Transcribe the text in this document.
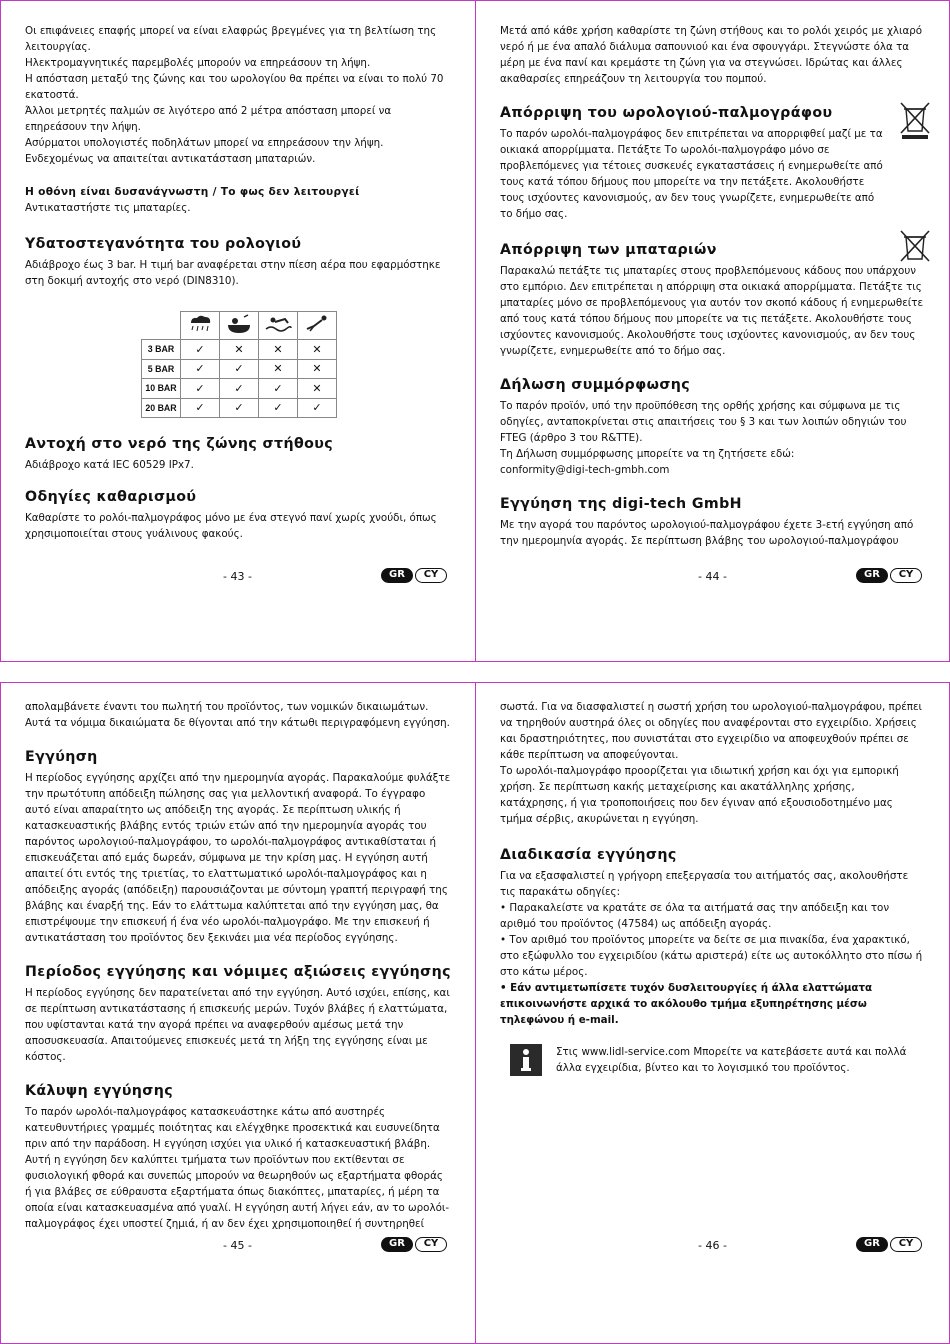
Οι επιφάνειες επαφής μπορεί να είναι ελαφρώς βρεγμένες για τη βελτίωση της λειτουργίας.

Ηλεκτρομαγνητικές παρεμβολές μπορούν να επηρεάσουν τη λήψη.

Η απόσταση μεταξύ της ζώνης και του ωρολογίου θα πρέπει να είναι το πολύ 70 εκατοστά.

Άλλοι μετρητές παλμών σε λιγότερο από 2 μέτρα απόσταση μπορεί να επηρεάσουν την λήψη.

Ασύρματοι υπολογιστές ποδηλάτων μπορεί να επηρεάσουν την λήψη.

Ενδεχομένως να απαιτείται αντικατάσταση μπαταριών.

Η οθόνη είναι δυσανάγνωστη / Το φως δεν λειτουργεί

Αντικαταστήστε τις μπαταρίες.

Υδατοστεγανότητα του ρολογιού

Αδιάβροχο έως 3 bar. Η τιμή bar αναφέρεται στην πίεση αέρα που εφαρμόστηκε στη δοκιμή αντοχής στο νερό (DIN8310).

3 BAR	✓	✕	✕	✕
5 BAR	✓	✓	✕	✕
10 BAR	✓	✓	✓	✕
20 BAR	✓	✓	✓	✓

Αντοχή στο νερό της ζώνης στήθους

Αδιάβροχο κατά IEC 60529 IPx7.

Οδηγίες καθαρισμού

Καθαρίστε το ρολόι-παλμογράφος μόνο με ένα στεγνό πανί χωρίς χνούδι, όπως χρησιμοποιείται στους γυάλινους φακούς.

- 43 -	GR	CY

Μετά από κάθε χρήση καθαρίστε τη ζώνη στήθους και το ρολόι χειρός με χλιαρό νερό ή με ένα απαλό διάλυμα σαπουνιού και ένα σφουγγάρι. Στεγνώστε όλα τα μέρη με ένα πανί και κρεμάστε τη ζώνη για να στεγνώσει. Ιδρώτας και άλλες ακαθαρσίες επηρεάζουν τη λειτουργία του πομπού.

Απόρριψη του ωρολογιού-παλμογράφου

Το παρόν ωρολόι-παλμογράφος δεν επιτρέπεται να απορριφθεί μαζί με τα οικιακά απορρίμματα. Πετάξτε Το ωρολόι-παλμογράφο μόνο σε προβλεπόμενες για τέτοιες συσκευές εγκαταστάσεις ή ενημερωθείτε από τους κατά τόπου δήμους που μπορείτε να την πετάξετε. Ακολουθήστε τους ισχύοντες κανονισμούς, αν δεν τους γνωρίζετε, ενημερωθείτε από το δήμο σας.

Απόρριψη των μπαταριών

Παρακαλώ πετάξτε τις μπαταρίες στους προβλεπόμενους κάδους που υπάρχουν στο εμπόριο. Δεν επιτρέπεται η απόρριψη στα οικιακά απορρίμματα. Πετάξτε τις μπαταρίες μόνο σε προβλεπόμενους για αυτόν τον σκοπό κάδους ή ενημερωθείτε από τους κατά τόπου δήμους που μπορείτε να τις πετάξετε. Ακολουθήστε τους ισχύοντες κανονισμούς. Ακολουθήστε τους ισχύοντες κανονισμούς, αν δεν τους γνωρίζετε, ενημερωθείτε από το δήμο σας.

Δήλωση συμμόρφωσης

Το παρόν προϊόν, υπό την προϋπόθεση της ορθής χρήσης και σύμφωνα με τις οδηγίες, ανταποκρίνεται στις απαιτήσεις του § 3 και των λοιπών οδηγιών του FTEG (άρθρο 3 του R&TTE).

Τη Δήλωση συμμόρφωσης μπορείτε να τη ζητήσετε εδώ:

conformity@digi-tech-gmbh.com

Εγγύηση της digi-tech GmbH

Με την αγορά του παρόντος ωρολογιού-παλμογράφου έχετε 3-ετή εγγύηση από την ημερομηνία αγοράς. Σε περίπτωση βλάβης του ωρολογιού-παλμογράφου

- 44 -	GR	CY

απολαμβάνετε έναντι του πωλητή του προϊόντος, των νομικών δικαιωμάτων. Αυτά τα νόμιμα δικαιώματα δε θίγονται από την κάτωθι περιγραφόμενη εγγύηση.

Εγγύηση

Η περίοδος εγγύησης αρχίζει από την ημερομηνία αγοράς. Παρακαλούμε φυλάξτε την πρωτότυπη απόδειξη πώλησης σας για μελλοντική αναφορά. Το έγγραφο αυτό είναι απαραίτητο ως απόδειξη της αγοράς. Σε περίπτωση υλικής ή κατασκευαστικής βλάβης εντός τριών ετών από την ημερομηνία αγοράς του παρόντος ωρολογιού-παλμογράφου, το ωρολόι-παλμογράφος αντικαθίσταται ή επισκευάζεται από εμάς δωρεάν, σύμφωνα με την κρίση μας. Η εγγύηση αυτή απαιτεί ότι εντός της τριετίας, το ελαττωματικό ωρολόι-παλμογράφος και η απόδειξης αγοράς (απόδειξη) παρουσιάζονται με σύντομη γραπτή περιγραφή της βλάβης και έναρξή της. Εάν το ελάττωμα καλύπτεται από την εγγύηση μας, θα επιστρέψουμε την επισκευή ή ένα νέο ωρολόι-παλμογράφο. Με την επισκευή ή αντικατάσταση του προϊόντος δεν ξεκινάει μια νέα περίοδος εγγύησης.

Περίοδος εγγύησης και νόμιμες αξιώσεις εγγύησης

Η περίοδος εγγύησης δεν παρατείνεται από την εγγύηση. Αυτό ισχύει, επίσης, και σε περίπτωση αντικατάστασης ή επισκευής μερών. Τυχόν βλάβες ή ελαττώματα, που υφίστανται κατά την αγορά πρέπει να αναφερθούν αμέσως μετά την αποσυσκευασία. Απαιτούμενες επισκευές μετά τη λήξη της εγγύησης είναι με κόστος.

Κάλυψη εγγύησης

Το παρόν ωρολόι-παλμογράφος κατασκευάστηκε κάτω από αυστηρές κατευθυντήριες γραμμές ποιότητας και ελέγχθηκε προσεκτικά και ευσυνείδητα πριν από την παράδοση. Η εγγύηση ισχύει για υλικό ή κατασκευαστική βλάβη. Αυτή η εγγύηση δεν καλύπτει τμήματα των προϊόντων που εκτίθενται σε φυσιολογική φθορά και συνεπώς μπορούν να θεωρηθούν ως εξαρτήματα φθοράς ή για βλάβες σε εύθραυστα εξαρτήματα όπως διακόπτες, μπαταρίες, ή μέρη τα οποία είναι κατασκευασμένα από γυαλί. Η εγγύηση αυτή λήγει εάν, αν το ωρολόι-παλμογράφος έχει υποστεί ζημιά, ή αν δεν έχει χρησιμοποιηθεί ή συντηρηθεί

- 45 -	GR	CY

σωστά. Για να διασφαλιστεί η σωστή χρήση του ωρολογιού-παλμογράφου, πρέπει να τηρηθούν αυστηρά όλες οι οδηγίες που αναφέρονται στο εγχειρίδιο. Χρήσεις και δραστηριότητες, που συνιστάται στο εγχειρίδιο να αποφευχθούν πρέπει σε κάθε περίπτωση να αποφεύγονται.

Το ωρολόι-παλμογράφο προορίζεται για ιδιωτική χρήση και όχι για εμπορική χρήση. Σε περίπτωση κακής μεταχείρισης και ακατάλληλης χρήσης, κατάχρησης, ή για τροποποιήσεις που δεν έγιναν από εξουσιοδοτημένο μας τμήμα σέρβις, ακυρώνεται η εγγύηση.

Διαδικασία εγγύησης

Για να εξασφαλιστεί η γρήγορη επεξεργασία του αιτήματός σας, ακολουθήστε τις παρακάτω οδηγίες:

• Παρακαλείστε να κρατάτε σε όλα τα αιτήματά σας την απόδειξη και τον αριθμό του προϊόντος (47584) ως απόδειξη αγοράς.

• Τον αριθμό του προϊόντος μπορείτε να δείτε σε μια πινακίδα, ένα χαρακτικό, στο εξώφυλλο του εγχειριδίου (κάτω αριστερά) είτε ως αυτοκόλλητο στο πίσω ή στο κάτω μέρος.

• Εάν αντιμετωπίσετε τυχόν δυσλειτουργίες ή άλλα ελαττώματα επικοινωνήστε αρχικά το ακόλουθο τμήμα εξυπηρέτησης μέσω τηλεφώνου ή e-mail.

Στις www.lidl-service.com Μπορείτε να κατεβάσετε αυτά και πολλά άλλα εγχειρίδια, βίντεο και το λογισμικό του προϊόντος.

- 46 -	GR	CY
